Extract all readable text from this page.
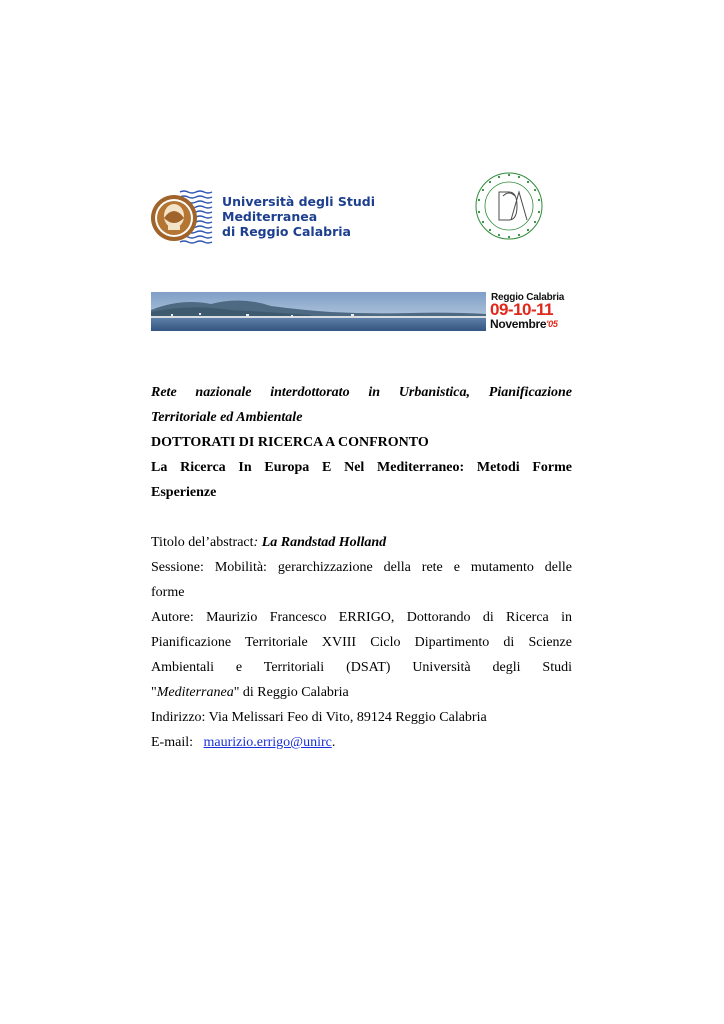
Università degli Studi
Mediterranea
di Reggio Calabria
Reggio Calabria
09-10-11
Novembre$^{'05}$

Rete nazionale interdottorato in Urbanistica, Pianificazione

Territoriale ed Ambientale

DOTTORATI DI RICERCA A CONFRONTO

La Ricerca In Europa E Nel Mediterraneo: Metodi Forme

Esperienze

Titolo del’abstract: La Randstad Holland

Sessione: Mobilità: gerarchizzazione della rete e mutamento delle

forme

Autore: Maurizio Francesco ERRIGO, Dottorando di Ricerca in

Pianificazione Territoriale XVIII Ciclo Dipartimento di Scienze

Ambientali e Territoriali (DSAT) Università degli Studi

"Mediterranea" di Reggio Calabria

Indirizzo: Via Melissari Feo di Vito, 89124 Reggio Calabria

E-mail: maurizio.errigo@unirc.
